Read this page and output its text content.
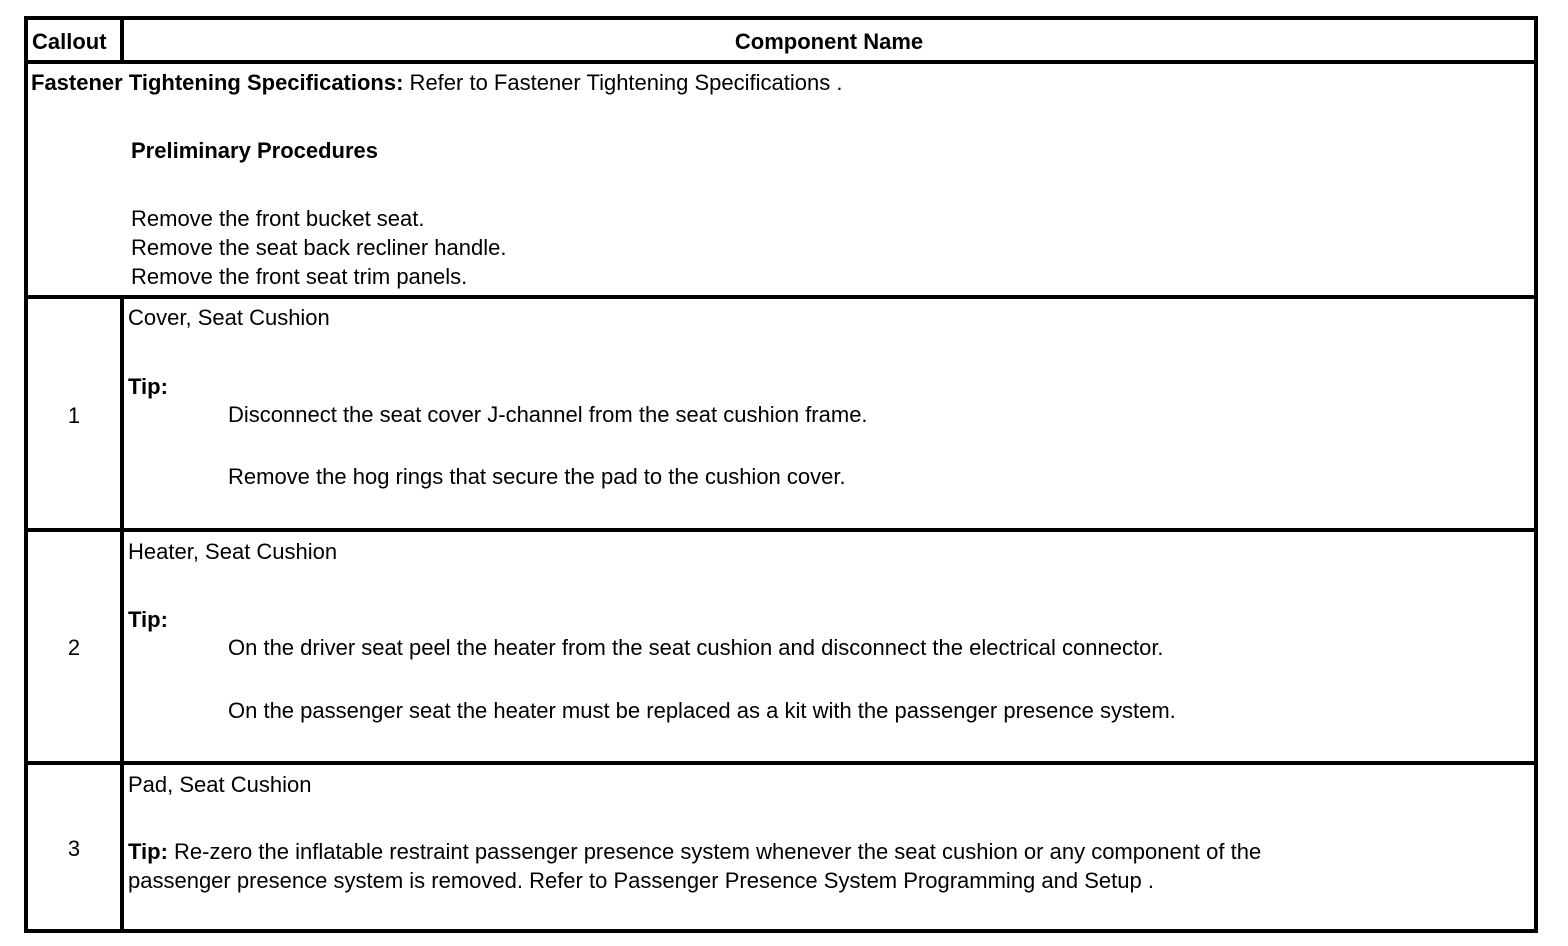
Callout	Component Name
Fastener Tightening Specifications: Refer to Fastener Tightening Specifications .
Preliminary Procedures
Remove the front bucket seat.
Remove the seat back recliner handle.
Remove the front seat trim panels.
1
Cover, Seat Cushion
Tip:
Disconnect the seat cover J-channel from the seat cushion frame.
Remove the hog rings that secure the pad to the cushion cover.
2
Heater, Seat Cushion
Tip:
On the driver seat peel the heater from the seat cushion and disconnect the electrical connector.
On the passenger seat the heater must be replaced as a kit with the passenger presence system.
3
Pad, Seat Cushion
Tip: Re-zero the inflatable restraint passenger presence system whenever the seat cushion or any component of the
passenger presence system is removed. Refer to Passenger Presence System Programming and Setup .
